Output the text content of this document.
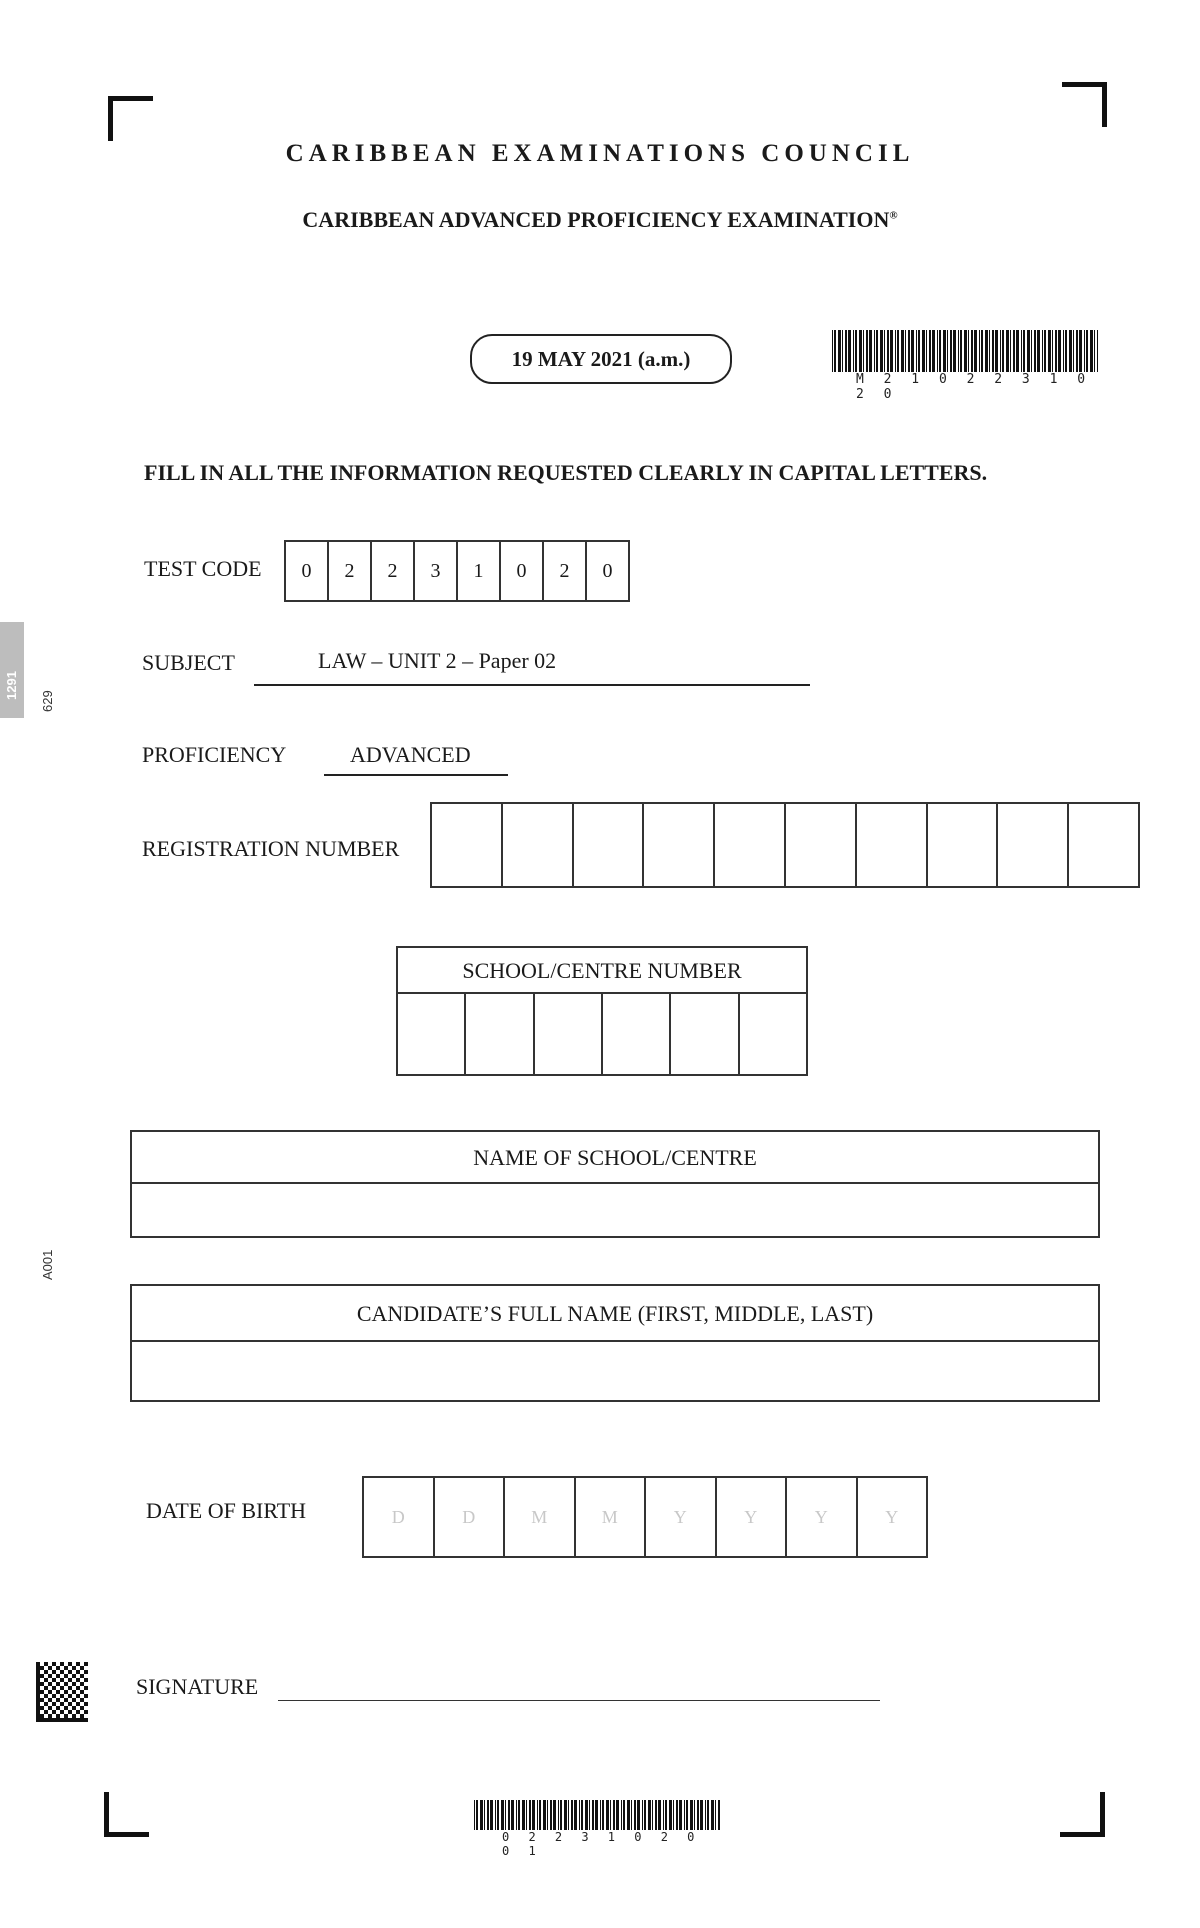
1291
629
A001
CARIBBEAN EXAMINATIONS COUNCIL
CARIBBEAN ADVANCED PROFICIENCY EXAMINATION®
19 MAY 2021 (a.m.)
M 2 1 0 2 2 3 1 0 2 0
FILL IN ALL THE INFORMATION REQUESTED CLEARLY IN CAPITAL LETTERS.
TEST CODE	0	2	2	3	1	0	2	0
SUBJECT	LAW – UNIT 2 – Paper 02
PROFICIENCY	ADVANCED
REGISTRATION NUMBER
SCHOOL/CENTRE NUMBER
NAME OF SCHOOL/CENTRE
CANDIDATE’S FULL NAME (FIRST, MIDDLE, LAST)
DATE OF BIRTH	D	D	M	M	Y	Y	Y	Y
SIGNATURE
0 2 2 3 1 0 2 0 0 1
